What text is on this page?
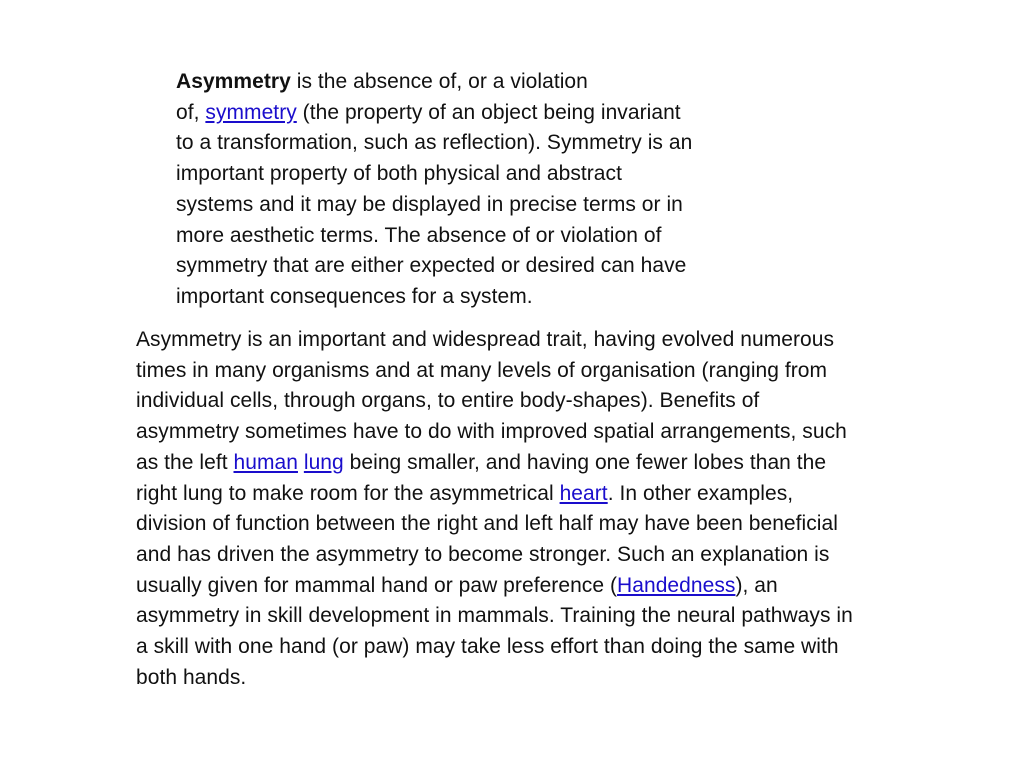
Asymmetry is the absence of, or a violation
of, symmetry (the property of an object being invariant
to a transformation, such as reflection). Symmetry is an
important property of both physical and abstract
systems and it may be displayed in precise terms or in
more aesthetic terms. The absence of or violation of
symmetry that are either expected or desired can have
important consequences for a system.

Asymmetry is an important and widespread trait, having evolved numerous
times in many organisms and at many levels of organisation (ranging from
individual cells, through organs, to entire body-shapes). Benefits of
asymmetry sometimes have to do with improved spatial arrangements, such
as the left human lung being smaller, and having one fewer lobes than the
right lung to make room for the asymmetrical heart. In other examples,
division of function between the right and left half may have been beneficial
and has driven the asymmetry to become stronger. Such an explanation is
usually given for mammal hand or paw preference (Handedness), an
asymmetry in skill development in mammals. Training the neural pathways in
a skill with one hand (or paw) may take less effort than doing the same with
both hands.
